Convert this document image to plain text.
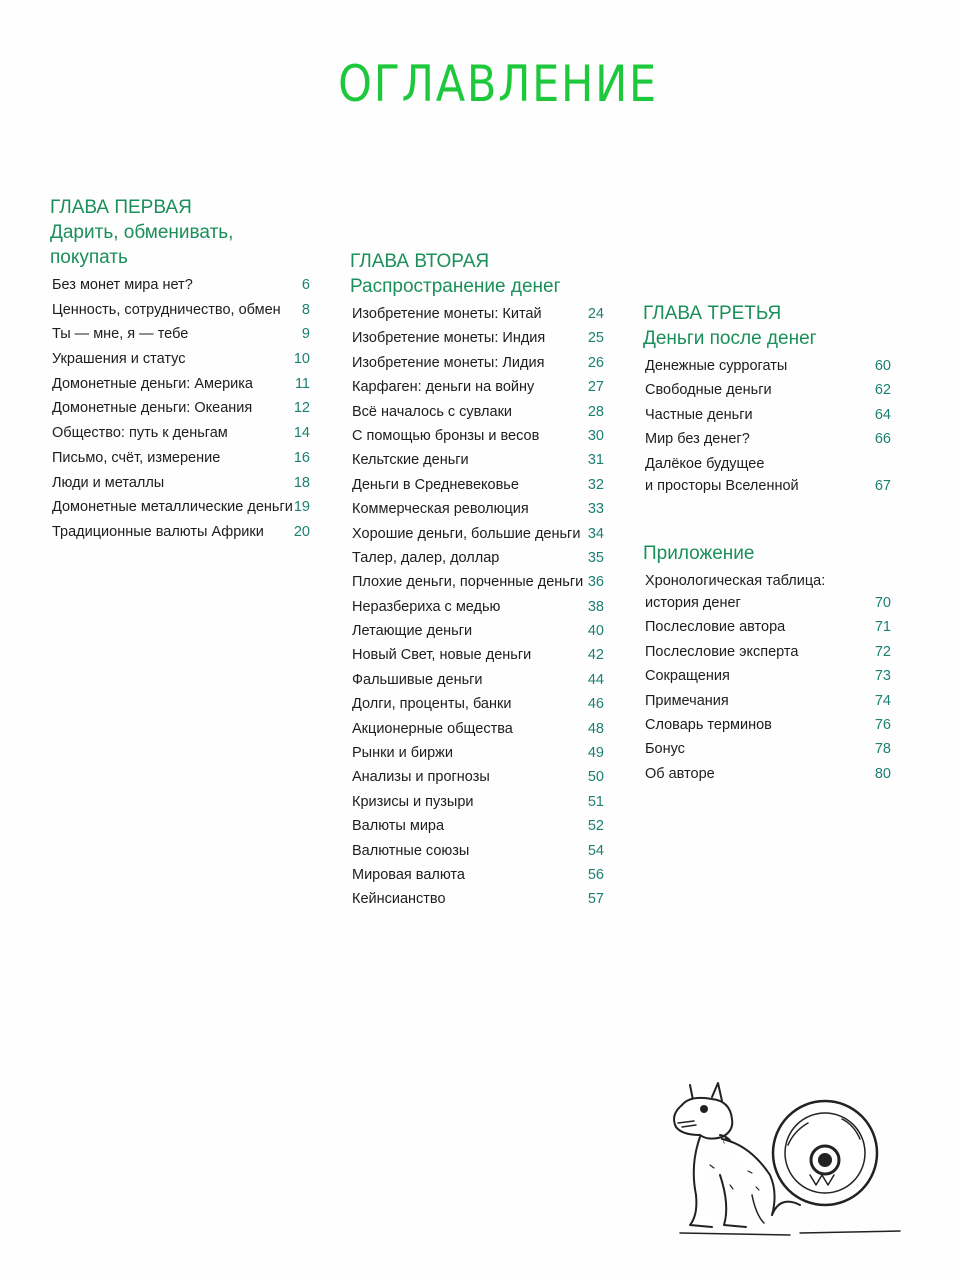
ОГЛАВЛЕНИЕ
ГЛАВА ПЕРВАЯ
Дарить, обменивать,
покупать
Без монет мира нет?	6
Ценность, сотрудничество, обмен 8
Ты — мне, я — тебе	9
Украшения и статус	10
Домонетные деньги: Америка	11
Домонетные деньги: Океания	12
Общество: путь к деньгам	14
Письмо, счёт, измерение	16
Люди и металлы	18
Домонетные металлические деньги 19
Традиционные валюты Африки 20
ГЛАВА ВТОРАЯ
Распространение денег
Изобретение монеты: Китай	24
Изобретение монеты: Индия	25
Изобретение монеты: Лидия	26
Карфаген: деньги на войну	27
Всё началось с сувлаки	28
С помощью бронзы и весов	30
Кельтские деньги	31
Деньги в Средневековье	32
Коммерческая революция	33
Хорошие деньги, большие деньги 34
Талер, далер, доллар	35
Плохие деньги, порченные деньги 36
Неразбериха с медью	38
Летающие деньги	40
Новый Свет, новые деньги	42
Фальшивые деньги	44
Долги, проценты, банки	46
Акционерные общества	48
Рынки и биржи	49
Анализы и прогнозы	50
Кризисы и пузыри	51
Валюты мира	52
Валютные союзы	54
Мировая валюта	56
Кейнсианство	57
ГЛАВА ТРЕТЬЯ
Деньги после денег
Денежные суррогаты	60
Свободные деньги	62
Частные деньги	64
Мир без денег?	66
Далёкое будущее
и просторы Вселенной	67
Приложение
Хронологическая таблица:
история денег	70
Послесловие автора	71
Послесловие эксперта	72
Сокращения	73
Примечания	74
Словарь терминов	76
Бонус	78
Об авторе	80
